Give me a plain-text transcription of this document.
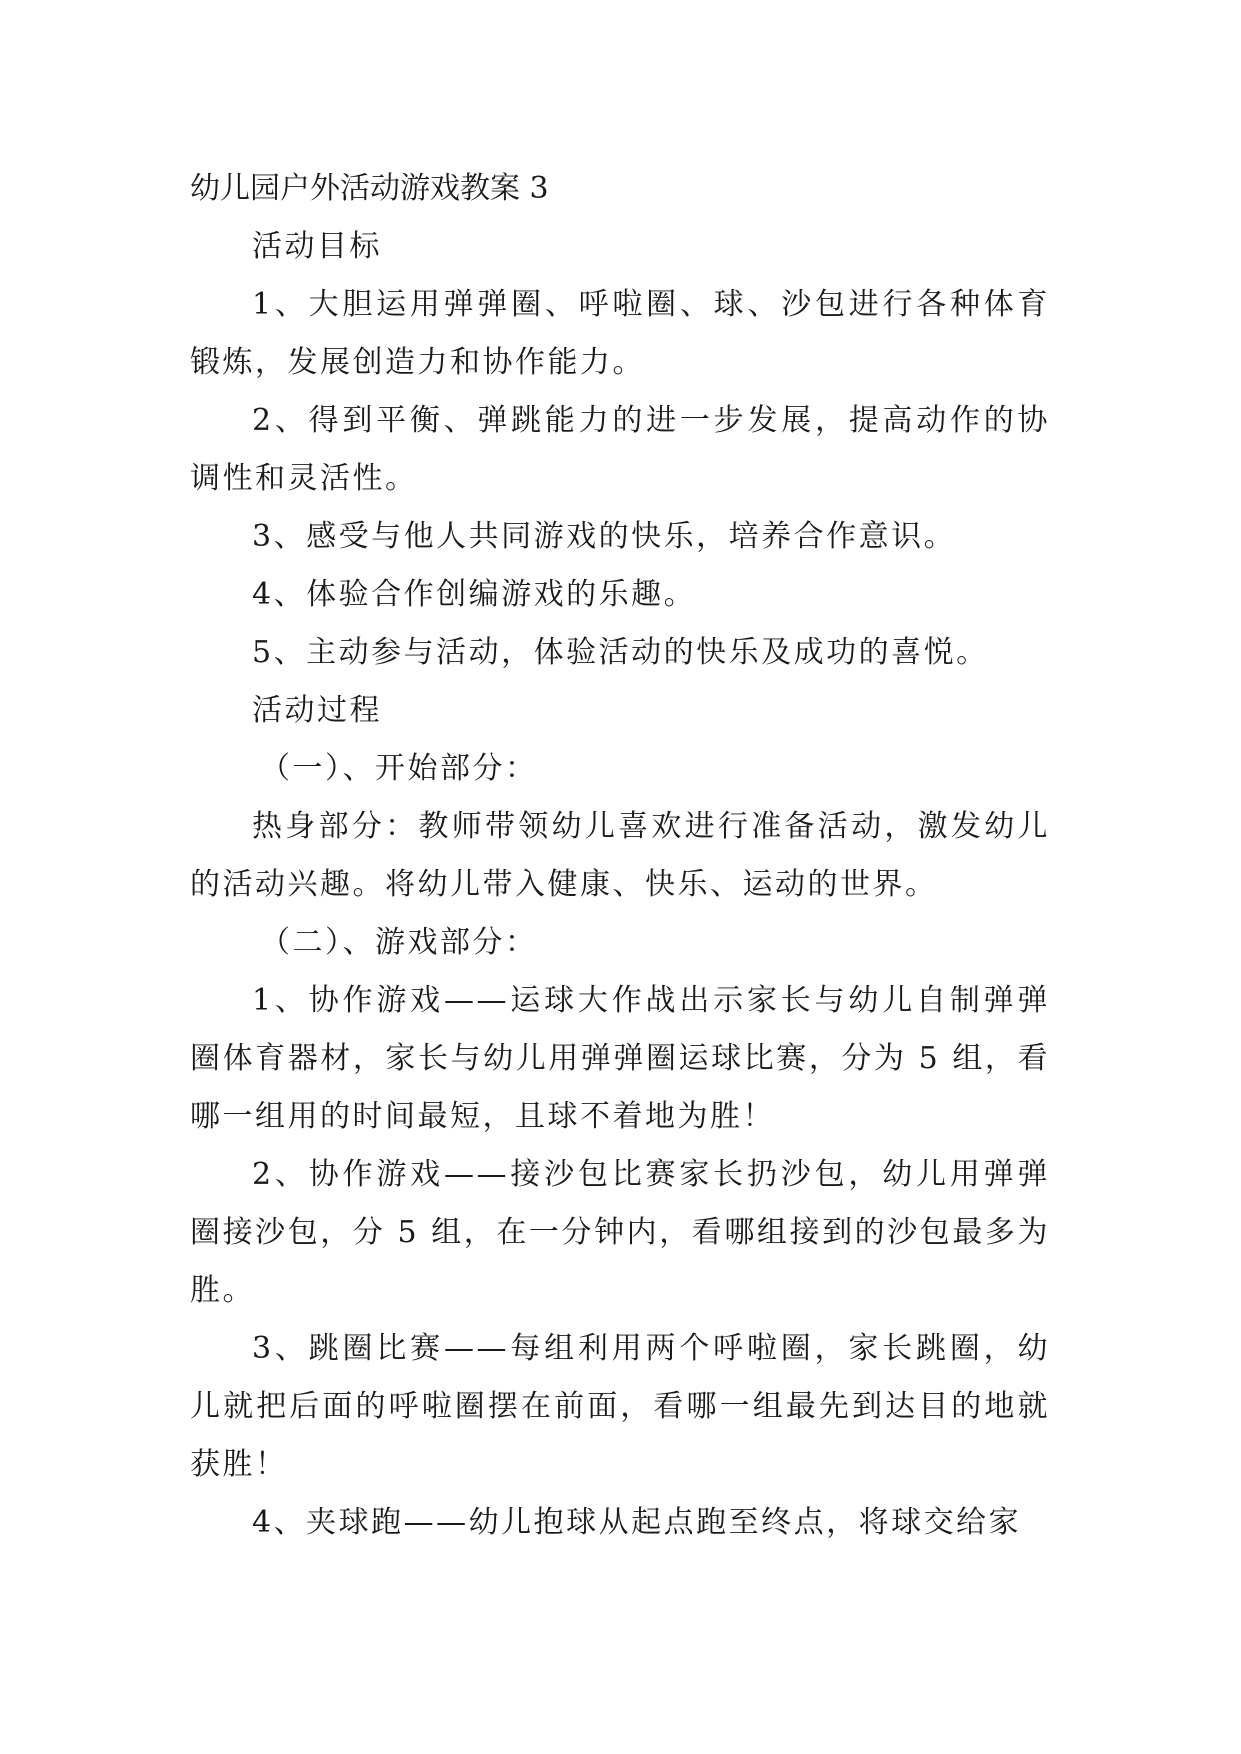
幼儿园户外活动游戏教案 3

活动目标

1、大胆运用弹弹圈、呼啦圈、球、沙包进行各种体育锻炼，发展创造力和协作能力。

2、得到平衡、弹跳能力的进一步发展，提高动作的协调性和灵活性。

3、感受与他人共同游戏的快乐，培养合作意识。

4、体验合作创编游戏的乐趣。

5、主动参与活动，体验活动的快乐及成功的喜悦。

活动过程

（一）、开始部分：

热身部分：教师带领幼儿喜欢进行准备活动，激发幼儿的活动兴趣。将幼儿带入健康、快乐、运动的世界。

（二）、游戏部分：

1、协作游戏——运球大作战出示家长与幼儿自制弹弹圈体育器材，家长与幼儿用弹弹圈运球比赛，分为 5 组，看哪一组用的时间最短，且球不着地为胜！

2、协作游戏——接沙包比赛家长扔沙包，幼儿用弹弹圈接沙包，分 5 组，在一分钟内，看哪组接到的沙包最多为胜。

3、跳圈比赛——每组利用两个呼啦圈，家长跳圈，幼儿就把后面的呼啦圈摆在前面，看哪一组最先到达目的地就获胜！

4、夹球跑——幼儿抱球从起点跑至终点，将球交给家
